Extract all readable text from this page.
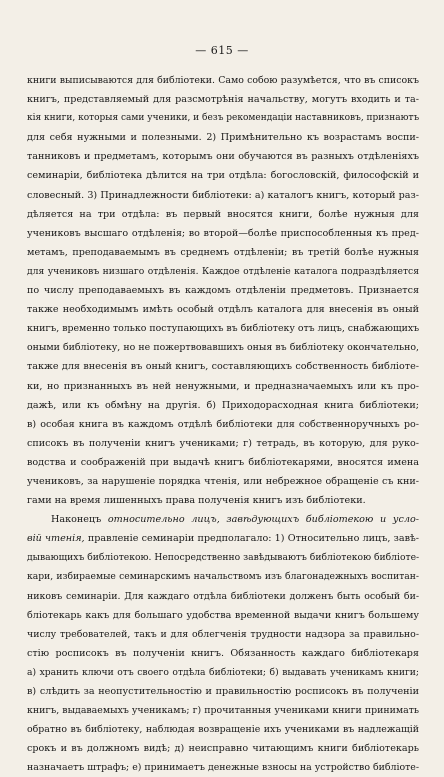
— 615 —
книги выписываются для библіотеки. Само собою разумѣется, что въ списокъ
книгъ, представляемый для разсмотрѣнія начальству, могутъ входить и та-
кія книги, которыя сами ученики, и безъ рекомендаціи наставниковъ, признаютъ
для себя нужными и полезными. 2) Примѣнительно къ возрастамъ воспи-
танниковъ и предметамъ, которымъ они обучаются въ разныхъ отдѣленіяхъ
семинаріи, библіотека дѣлится на три отдѣла: богословскій, философскій и
словесный. 3) Принадлежности библіотеки: а) каталогъ книгъ, который раз-
дѣляется на три отдѣла: въ первый вносятся книги, болѣе нужныя для
учениковъ высшаго отдѣленія; во второй—болѣе приспособленныя къ пред-
метамъ, преподаваемымъ въ среднемъ отдѣленіи; въ третій болѣе нужныя
для учениковъ низшаго отдѣленія. Каждое отдѣленіе каталога подраздѣляется
по числу преподаваемыхъ въ каждомъ отдѣленіи предметовъ. Признается
также необходимымъ имѣть особый отдѣлъ каталога для внесенія въ оный
книгъ, временно только поступающихъ въ библіотеку отъ лицъ, снабжающихъ
оными библіотеку, но не пожертвовавшихъ оныя въ библіотеку окончательно,
также для внесенія въ оный книгъ, составляющихъ собственность библіоте-
ки, но признанныхъ въ ней ненужными, и предназначаемыхъ или къ про-
дажѣ, или къ обмѣну на другія. б) Приходорасходная книга библіотеки;
в) особая книга въ каждомъ отдѣлѣ библіотеки для собственноручныхъ ро-
списокъ въ полученіи книгъ учениками; г) тетрадь, въ которую, для руко-
водства и соображеній при выдачѣ книгъ библіотекарями, вносятся имена
учениковъ, за нарушеніе порядка чтенія, или небрежное обращеніе съ кни-
гами на время лишенныхъ права полученія книгъ изъ библіотеки.
Наконецъ относительно лицъ, завѣдующихъ библіотекою и усло-
вій чтенія, правленіе семинаріи предполагало: 1) Относительно лицъ, завѣ-
дывающихъ библіотекою. Непосредственно завѣдываютъ библіотекою библіоте-
кари, избираемые семинарскимъ начальствомъ изъ благонадежныхъ воспитан-
никовъ семинаріи. Для каждаго отдѣла библіотеки долженъ быть особый би-
бліотекарь какъ для большаго удобства временной выдачи книгъ большему
числу требователей, такъ и для облегченія трудности надзора за правильно-
стію росписокъ въ полученіи книгъ. Обязанность каждаго библіотекаря
а) хранить ключи отъ своего отдѣла библіотеки; б) выдавать ученикамъ книги;
в) слѣдить за неопустительностію и правильностію росписокъ въ полученіи
книгъ, выдаваемыхъ ученикамъ; г) прочитанныя учениками книги принимать
обратно въ библіотеку, наблюдая возвращеніе ихъ учениками въ надлежащій
срокъ и въ должномъ видѣ; д) неисправно читающимъ книги библіотекарь
назначаетъ штрафъ; е) принимаетъ денежные взносы на устройство библіоте-
